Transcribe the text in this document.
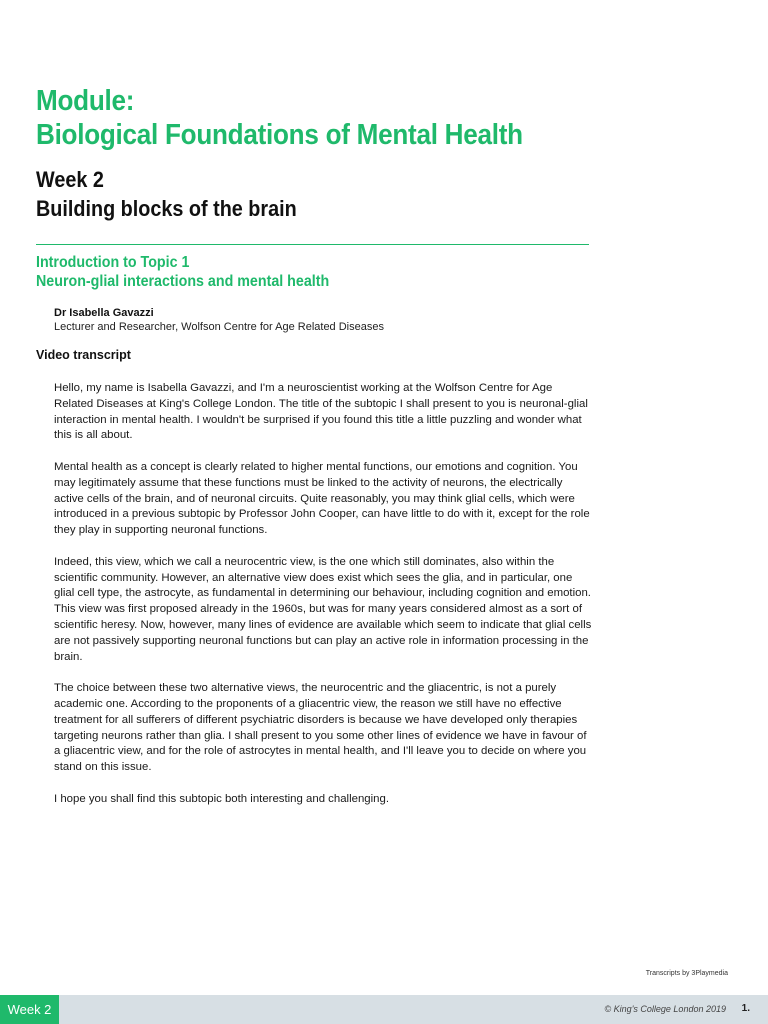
Module:
Biological Foundations of Mental Health
Week 2
Building blocks of the brain
Introduction to Topic 1
Neuron-glial interactions and mental health
Dr Isabella Gavazzi
Lecturer and Researcher, Wolfson Centre for Age Related Diseases
Video transcript

Hello, my name is Isabella Gavazzi, and I'm a neuroscientist working at the Wolfson Centre for Age Related Diseases at King's College London. The title of the subtopic I shall present to you is neuronal-glial interaction in mental health. I wouldn't be surprised if you found this title a little puzzling and wonder what this is all about.

Mental health as a concept is clearly related to higher mental functions, our emotions and cognition. You may legitimately assume that these functions must be linked to the activity of neurons, the electrically active cells of the brain, and of neuronal circuits. Quite reasonably, you may think glial cells, which were introduced in a previous subtopic by Professor John Cooper, can have little to do with it, except for the role they play in supporting neuronal functions.

Indeed, this view, which we call a neurocentric view, is the one which still dominates, also within the scientific community. However, an alternative view does exist which sees the glia, and in particular, one glial cell type, the astrocyte, as fundamental in determining our behaviour, including cognition and emotion. This view was first proposed already in the 1960s, but was for many years considered almost as a sort of scientific heresy. Now, however, many lines of evidence are available which seem to indicate that glial cells are not passively supporting neuronal functions but can play an active role in information processing in the brain.

The choice between these two alternative views, the neurocentric and the gliacentric, is not a purely academic one. According to the proponents of a gliacentric view, the reason we still have no effective treatment for all sufferers of different psychiatric disorders is because we have developed only therapies targeting neurons rather than glia. I shall present to you some other lines of evidence we have in favour of a gliacentric view, and for the role of astrocytes in mental health, and I'll leave you to decide on where you stand on this issue.

I hope you shall find this subtopic both interesting and challenging.

Transcripts by 3Playmedia
Week 2	© King's College London 2019 1.
